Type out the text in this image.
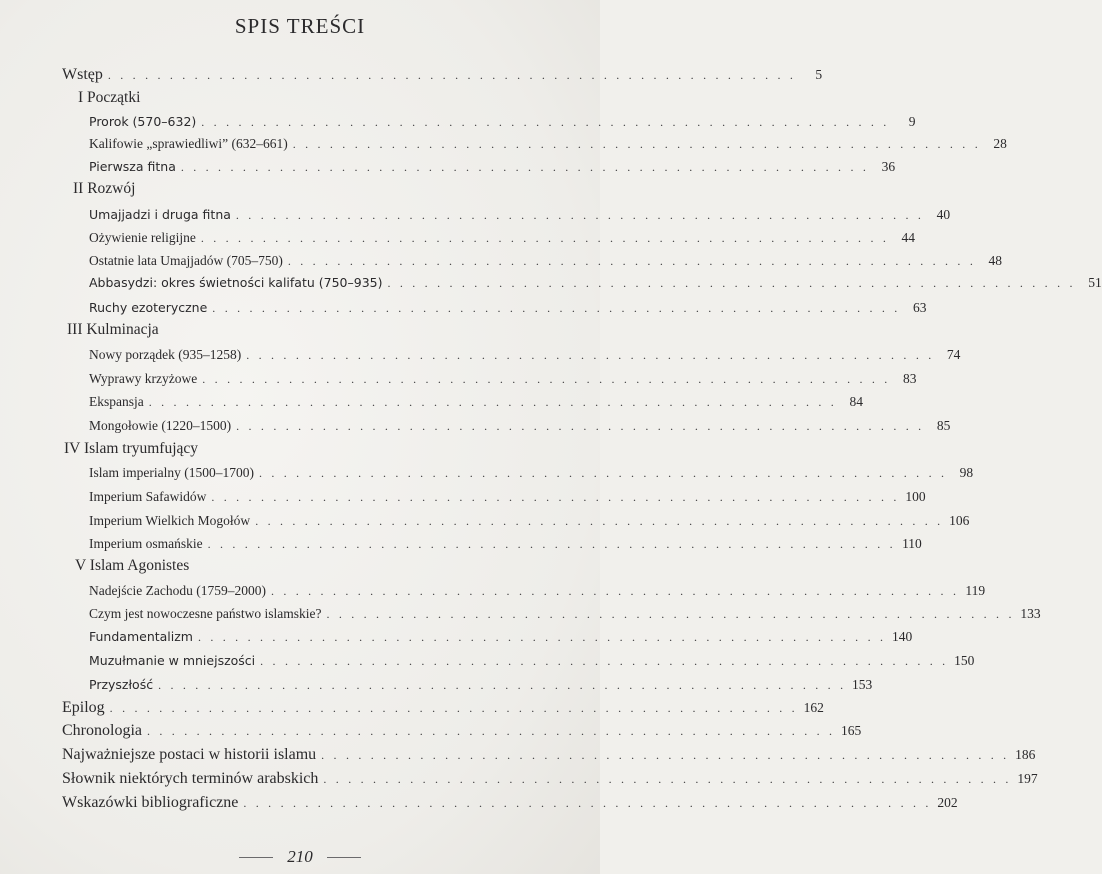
SPIS TREŚCI
Wstęp . . . . . . . . . . . . . . . . . . . . . . . . . . . . . . . . . . . . . . . . . . . . . . . . . . . . . . . .	5
I Początki
Prorok (570–632) . . . . . . . . . . . . . . . . . . . . . . . . . . . . . . . . . . . . . . . . . . . . . . . . . . . . . . . .	9
Kalifowie „sprawiedliwi” (632–661) . . . . . . . . . . . . . . . . . . . . . . . . . . . . . . . . . . . . . . . . . . . . . . . . . . . . . . . . 28
Pierwsza fitna . . . . . . . . . . . . . . . . . . . . . . . . . . . . . . . . . . . . . . . . . . . . . . . . . . . . . . . . 36
II Rozwój
Umajjadzi i druga fitna . . . . . . . . . . . . . . . . . . . . . . . . . . . . . . . . . . . . . . . . . . . . . . . . . . . . . . . . 40
Ożywienie religijne . . . . . . . . . . . . . . . . . . . . . . . . . . . . . . . . . . . . . . . . . . . . . . . . . . . . . . . . 44
Ostatnie lata Umajjadów (705–750) . . . . . . . . . . . . . . . . . . . . . . . . . . . . . . . . . . . . . . . . . . . . . . . . . . . . . . . . 48
Abbasydzi: okres świetności kalifatu (750–935) . . . . . . . . . . . . . . . . . . . . . . . . . . . . . . . . . . . . . . . . . . . . . . . . . . . . . . . . 51
Ruchy ezoteryczne . . . . . . . . . . . . . . . . . . . . . . . . . . . . . . . . . . . . . . . . . . . . . . . . . . . . . . . . 63
III Kulminacja
Nowy porządek (935–1258) . . . . . . . . . . . . . . . . . . . . . . . . . . . . . . . . . . . . . . . . . . . . . . . . . . . . . . . . 74
Wyprawy krzyżowe . . . . . . . . . . . . . . . . . . . . . . . . . . . . . . . . . . . . . . . . . . . . . . . . . . . . . . . . 83
Ekspansja . . . . . . . . . . . . . . . . . . . . . . . . . . . . . . . . . . . . . . . . . . . . . . . . . . . . . . . . 84
Mongołowie (1220–1500) . . . . . . . . . . . . . . . . . . . . . . . . . . . . . . . . . . . . . . . . . . . . . . . . . . . . . . . . 85
IV Islam tryumfujący
Islam imperialny (1500–1700) . . . . . . . . . . . . . . . . . . . . . . . . . . . . . . . . . . . . . . . . . . . . . . . . . . . . . . . . 98
Imperium Safawidów . . . . . . . . . . . . . . . . . . . . . . . . . . . . . . . . . . . . . . . . . . . . . . . . . . . . . . . . 100
Imperium Wielkich Mogołów . . . . . . . . . . . . . . . . . . . . . . . . . . . . . . . . . . . . . . . . . . . . . . . . . . . . . . . . 106
Imperium osmańskie . . . . . . . . . . . . . . . . . . . . . . . . . . . . . . . . . . . . . . . . . . . . . . . . . . . . . . . . 110
V Islam Agonistes
Nadejście Zachodu (1759–2000) . . . . . . . . . . . . . . . . . . . . . . . . . . . . . . . . . . . . . . . . . . . . . . . . . . . . . . . . 119
Czym jest nowoczesne państwo islamskie? . . . . . . . . . . . . . . . . . . . . . . . . . . . . . . . . . . . . . . . . . . . . . . . . . . . . . . . . 133
Fundamentalizm . . . . . . . . . . . . . . . . . . . . . . . . . . . . . . . . . . . . . . . . . . . . . . . . . . . . . . . . 140
Muzułmanie w mniejszości . . . . . . . . . . . . . . . . . . . . . . . . . . . . . . . . . . . . . . . . . . . . . . . . . . . . . . . . 150
Przyszłość . . . . . . . . . . . . . . . . . . . . . . . . . . . . . . . . . . . . . . . . . . . . . . . . . . . . . . . . 153
Epilog . . . . . . . . . . . . . . . . . . . . . . . . . . . . . . . . . . . . . . . . . . . . . . . . . . . . . . . . 162
Chronologia . . . . . . . . . . . . . . . . . . . . . . . . . . . . . . . . . . . . . . . . . . . . . . . . . . . . . . . . 165
Najważniejsze postaci w historii islamu . . . . . . . . . . . . . . . . . . . . . . . . . . . . . . . . . . . . . . . . . . . . . . . . . . . . . . . . 186
Słownik niektórych terminów arabskich . . . . . . . . . . . . . . . . . . . . . . . . . . . . . . . . . . . . . . . . . . . . . . . . . . . . . . . . 197
Wskazówki bibliograficzne . . . . . . . . . . . . . . . . . . . . . . . . . . . . . . . . . . . . . . . . . . . . . . . . . . . . . . . . 202
210
